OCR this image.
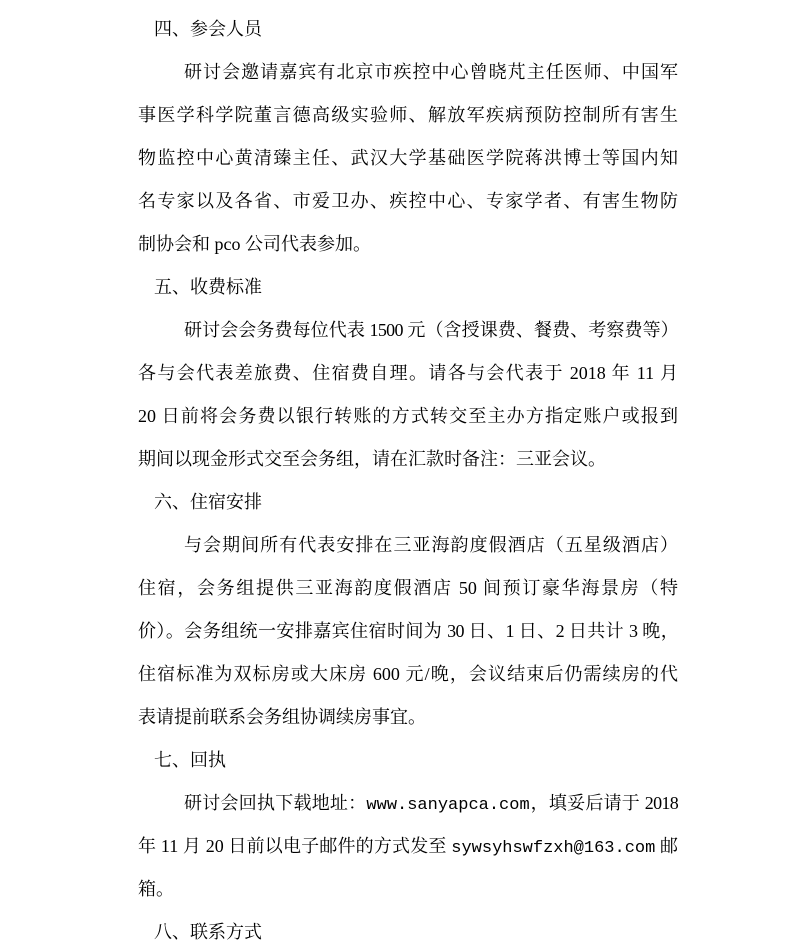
四、参会人员
研讨会邀请嘉宾有北京市疾控中心曾晓芃主任医师、中国军
事医学科学院董言德高级实验师、解放军疾病预防控制所有害生
物监控中心黄清臻主任、武汉大学基础医学院蒋洪博士等国内知
名专家以及各省、市爱卫办、疾控中心、专家学者、有害生物防
制协会和 pco 公司代表参加。
五、收费标准
研讨会会务费每位代表 1500 元（含授课费、餐费、考察费等）
各与会代表差旅费、住宿费自理。请各与会代表于 2018 年 11 月
20 日前将会务费以银行转账的方式转交至主办方指定账户或报到
期间以现金形式交至会务组，请在汇款时备注：三亚会议。
六、住宿安排
与会期间所有代表安排在三亚海韵度假酒店（五星级酒店）
住宿，会务组提供三亚海韵度假酒店 50 间预订豪华海景房（特
价）。会务组统一安排嘉宾住宿时间为 30 日、1 日、2 日共计 3 晚，
住宿标准为双标房或大床房 600 元/晚，会议结束后仍需续房的代
表请提前联系会务组协调续房事宜。
七、回执
研讨会回执下载地址：www.sanyapca.com，填妥后请于 2018
年 11 月 20 日前以电子邮件的方式发至 sywsyhswfzxh@163.com 邮
箱。
八、联系方式
